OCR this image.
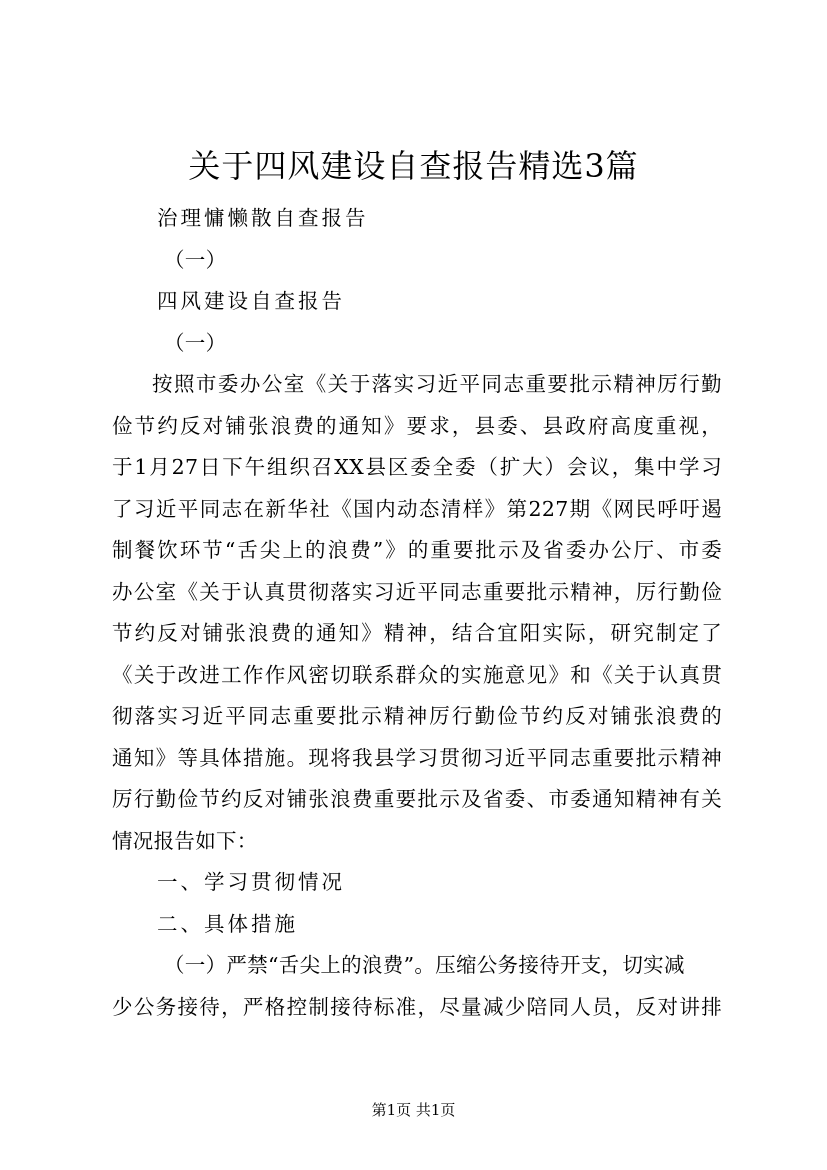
关于四风建设自查报告精选3篇

治理慵懒散自查报告

（一）

四风建设自查报告

（一）

按照市委办公室《关于落实习近平同志重要批示精神厉行勤

俭节约反对铺张浪费的通知》要求，县委、县政府高度重视，

于1月27日下午组织召XX县区委全委（扩大）会议，集中学习

了习近平同志在新华社《国内动态清样》第227期《网民呼吁遏

制餐饮环节“舌尖上的浪费”》的重要批示及省委办公厅、市委

办公室《关于认真贯彻落实习近平同志重要批示精神，厉行勤俭

节约反对铺张浪费的通知》精神，结合宜阳实际，研究制定了

《关于改进工作作风密切联系群众的实施意见》和《关于认真贯

彻落实习近平同志重要批示精神厉行勤俭节约反对铺张浪费的

通知》等具体措施。现将我县学习贯彻习近平同志重要批示精神

厉行勤俭节约反对铺张浪费重要批示及省委、市委通知精神有关

情况报告如下：

一、学习贯彻情况

二、具体措施

（一）严禁“舌尖上的浪费”。压缩公务接待开支，切实减

少公务接待，严格控制接待标准，尽量减少陪同人员，反对讲排

第1页 共1页
